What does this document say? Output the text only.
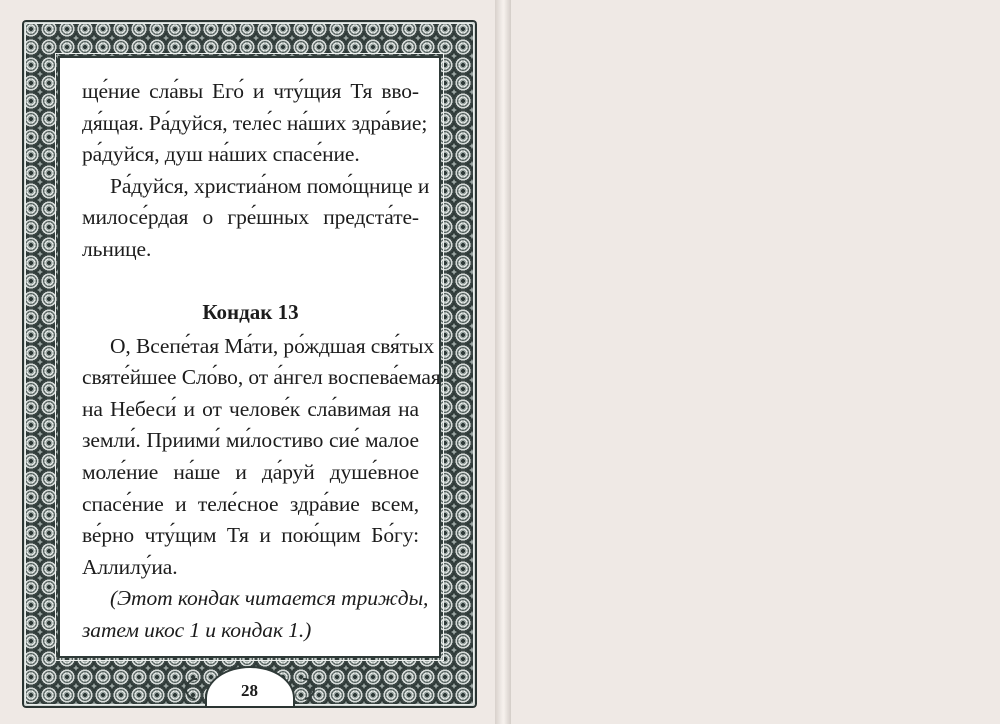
ще́ние сла́вы Его́ и чту́щия Тя вво-
дя́щая. Ра́дуйся, теле́с на́ших здра́вие;
ра́дуйся, душ на́ших спасе́ние.
Ра́дуйся, христиа́ном помо́щнице и
милосе́рдая о гре́шных предста́те-
льнице.
Кондак 13
О, Всепе́тая Ма́ти, ро́ждшая свя́тых
святе́йшее Сло́во, от а́нгел воспева́емая
на Небеси́ и от челове́к сла́вимая на
земли́. Приими́ ми́лостиво сие́ малое
моле́ние на́ше и да́руй душе́вное
спасе́ние и теле́сное здра́вие всем,
ве́рно чту́щим Тя и пою́щим Бо́гу:
Аллилу́иа.
(Этот кондак читается трижды,
затем икос 1 и кондак 1.)
28
